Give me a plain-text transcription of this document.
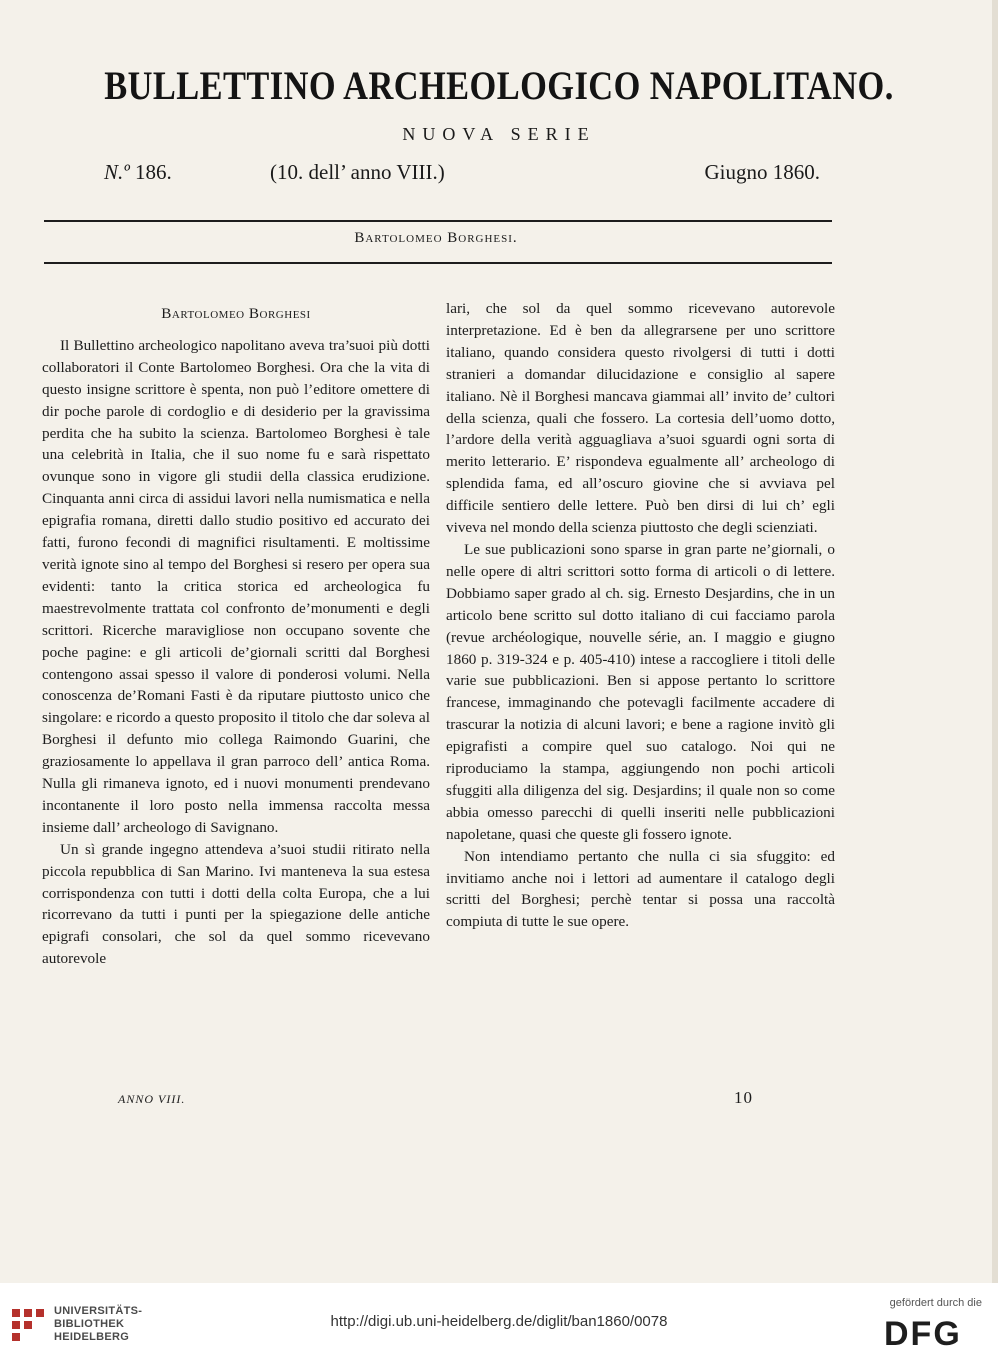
BULLETTINO ARCHEOLOGICO NAPOLITANO.
NUOVA SERIE
N.º 186.	(10. dell’ anno VIII.)	Giugno 1860.
Bartolomeo Borghesi.

Bartolomeo Borghesi

Il Bullettino archeologico napolitano aveva tra’suoi più dotti collaboratori il Conte Bartolomeo Borghesi. Ora che la vita di questo insigne scrittore è spenta, non può l’editore omettere di dir poche parole di cordoglio e di desiderio per la gravissima perdita che ha subito la scienza. Bartolomeo Borghesi è tale una celebrità in Italia, che il suo nome fu e sarà rispettato ovunque sono in vigore gli studii della classica erudizione. Cinquanta anni circa di assidui lavori nella numismatica e nella epigrafia romana, diretti dallo studio positivo ed accurato dei fatti, furono fecondi di magnifici risultamenti. E moltissime verità ignote sino al tempo del Borghesi si resero per opera sua evidenti: tanto la critica storica ed archeologica fu maestrevolmente trattata col confronto de’monumenti e degli scrittori. Ricerche maravigliose non occupano sovente che poche pagine: e gli articoli de’giornali scritti dal Borghesi contengono assai spesso il valore di ponderosi volumi. Nella conoscenza de’Romani Fasti è da riputare piuttosto unico che singolare: e ricordo a questo proposito il titolo che dar soleva al Borghesi il defunto mio collega Raimondo Guarini, che graziosamente lo appellava il gran parroco dell’ antica Roma. Nulla gli rimaneva ignoto, ed i nuovi monumenti prendevano incontanente il loro posto nella immensa raccolta messa insieme dall’ archeologo di Savignano.

Un sì grande ingegno attendeva a’suoi studii ritirato nella piccola repubblica di San Marino. Ivi manteneva la sua estesa corrispondenza con tutti i dotti della colta Europa, che a lui ricorrevano da tutti i punti per la spiegazione delle antiche epigrafi consolari, che sol da quel sommo ricevevano autorevole

lari, che sol da quel sommo ricevevano autorevole interpretazione. Ed è ben da allegrarsene per uno scrittore italiano, quando considera questo rivolgersi di tutti i dotti stranieri a domandar dilucidazione e consiglio al sapere italiano. Nè il Borghesi mancava giammai all’ invito de’ cultori della scienza, quali che fossero. La cortesia dell’uomo dotto, l’ardore della verità agguagliava a’suoi sguardi ogni sorta di merito letterario. E’ rispondeva egualmente all’ archeologo di splendida fama, ed all’oscuro giovine che si avviava pel difficile sentiero delle lettere. Può ben dirsi di lui ch’ egli viveva nel mondo della scienza piuttosto che degli scienziati.

Le sue publicazioni sono sparse in gran parte ne’giornali, o nelle opere di altri scrittori sotto forma di articoli o di lettere. Dobbiamo saper grado al ch. sig. Ernesto Desjardins, che in un articolo bene scritto sul dotto italiano di cui facciamo parola (revue archéologique, nouvelle série, an. I maggio e giugno 1860 p. 319-324 e p. 405-410) intese a raccogliere i titoli delle varie sue pubblicazioni. Ben si appose pertanto lo scrittore francese, immaginando che potevagli facilmente accadere di trascurar la notizia di alcuni lavori; e bene a ragione invitò gli epigrafisti a compire quel suo catalogo. Noi qui ne riproduciamo la stampa, aggiungendo non pochi articoli sfuggiti alla diligenza del sig. Desjardins; il quale non so come abbia omesso parecchi di quelli inseriti nelle pubblicazioni napoletane, quasi che queste gli fossero ignote.

Non intendiamo pertanto che nulla ci sia sfuggito: ed invitiamo anche noi i lettori ad aumentare il catalogo degli scritti del Borghesi; perchè tentar si possa una raccoltà compiuta di tutte le sue opere.

ANNO VIII.	10
UNIVERSITÄTS-
BIBLIOTHEK
HEIDELBERG
http://digi.ub.uni-heidelberg.de/diglit/ban1860/0078
gefördert durch die
DFG
